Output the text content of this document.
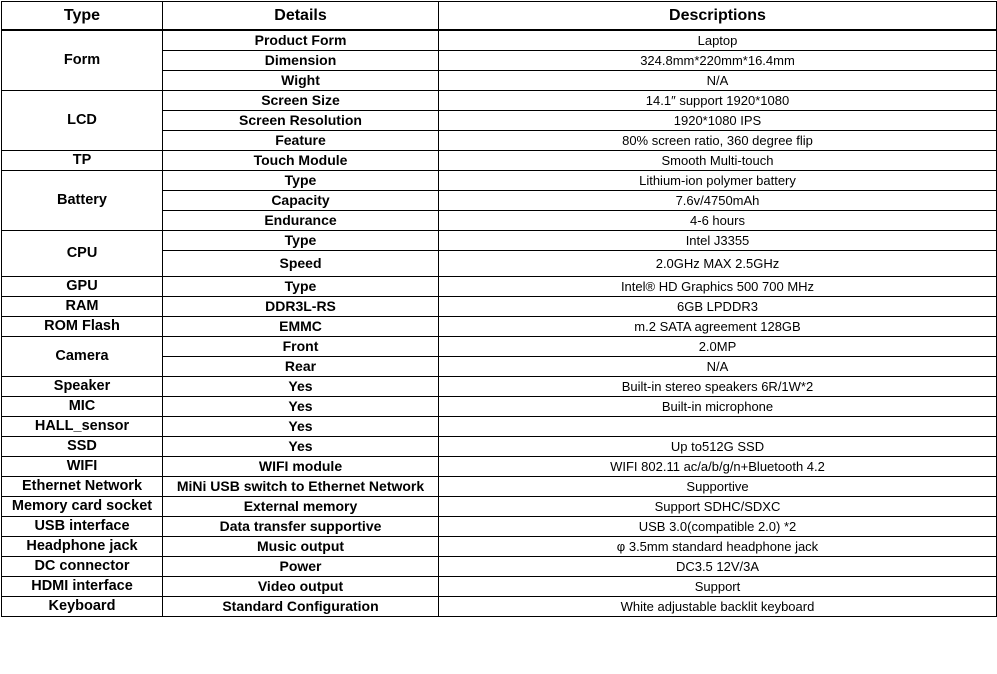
Type	Details	Descriptions
Form	Product Form	Laptop
	Dimension	324.8mm*220mm*16.4mm
	Wight	N/A
LCD	Screen Size	14.1″ support 1920*1080
	Screen Resolution	1920*1080 IPS
	Feature	80% screen ratio, 360 degree flip
TP	Touch Module	Smooth Multi-touch
Battery	Type	Lithium-ion polymer battery
	Capacity	7.6v/4750mAh
	Endurance	4-6 hours
CPU	Type	Intel J3355
	Speed	2.0GHz MAX 2.5GHz
GPU	Type	Intel® HD Graphics 500 700 MHz
RAM	DDR3L-RS	6GB LPDDR3
ROM Flash	EMMC	m.2 SATA agreement 128GB
Camera	Front	2.0MP
	Rear	N/A
Speaker	Yes	Built-in stereo speakers 6R/1W*2
MIC	Yes	Built-in microphone
HALL_sensor	Yes	
SSD	Yes	Up to512G SSD
WIFI	WIFI module	WIFI 802.11 ac/a/b/g/n+Bluetooth 4.2
Ethernet Network	MiNi USB switch to Ethernet Network	Supportive
Memory card socket	External memory	Support SDHC/SDXC
USB interface	Data transfer supportive	USB 3.0(compatible 2.0) *2
Headphone jack	Music output	φ 3.5mm standard headphone jack
DC connector	Power	DC3.5 12V/3A
HDMI interface	Video output	Support
Keyboard	Standard Configuration	White adjustable backlit keyboard
